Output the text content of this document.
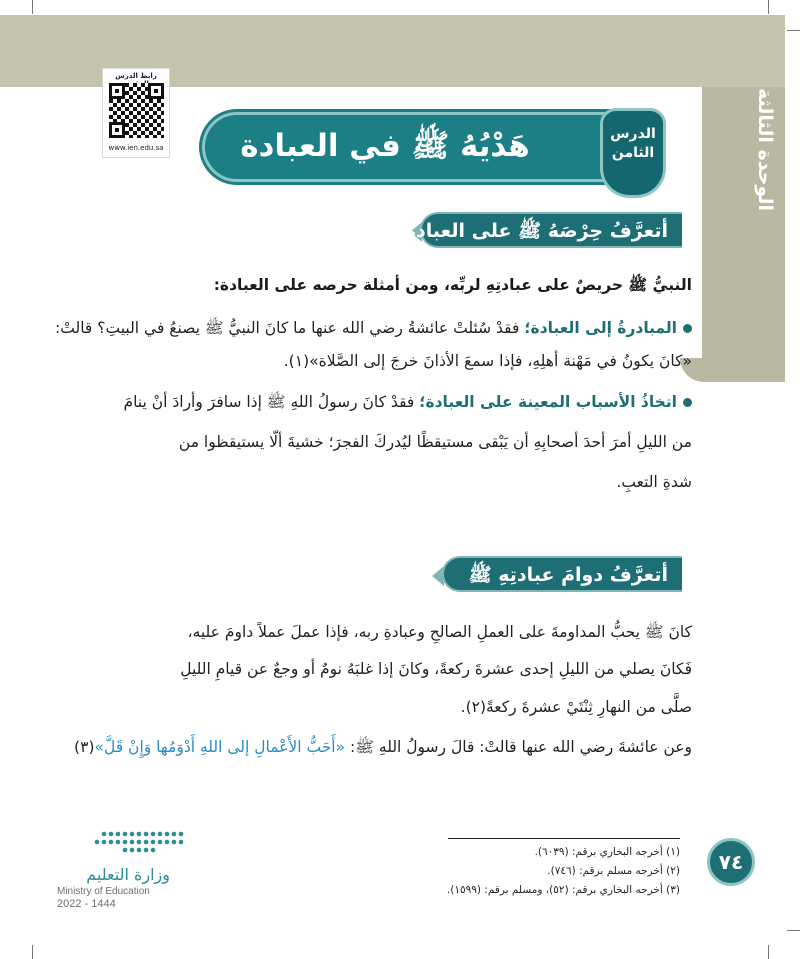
الوحدة الثالثة
رابط الدرس
www.ien.edu.sa هَدْيُهُ ﷺ في العبادة	الدرس
الثامن
أتعرَّفُ حِرْصَهُ ﷺ على العبادةِ
النبيُّ ﷺ حريصٌ على عبادتِهِ لربِّه، ومن أمثلة حرصه على العبادة:
المبادرةُ إلى العبادة؛ فقدْ سُئلتْ عائشةُ رضي الله عنها ما كانَ النبيُّ ﷺ يصنعُ في البيتِ؟ قالتْ:
«كانَ يكونُ في مَهْنة أهلِهِ، فإذا سمعَ الأذانَ خرجَ إلى الصَّلاة»(١).
اتخاذُ الأسباب المعينة على العبادة؛ فقدْ كانَ رسولُ اللهِ ﷺ إذا سافرَ وأرادَ أنْ ينامَ
من الليلِ أمرَ أحدَ أصحابِهِ أن يَبْقى مستيقظًا ليُدركَ الفجرَ؛ خشيةَ ألّا يستيقظوا من
شدةِ التعبِ.
أتعرَّفُ دوامَ عبادتِهِ ﷺ
كانَ ﷺ يحبُّ المداومةَ على العملِ الصالحِ وعبادةِ ربه، فإذا عملَ عملاً داومَ عليه،
فَكانَ يصلي من الليلِ إحدى عشرةَ ركعةً، وكانَ إذا غلبَهُ نومٌ أو وجعٌ عن قيامِ الليلِ
صلَّى من النهارِ ثِنْتَيْ عشرةَ ركعةً(٢).
وعن عائشةَ رضي الله عنها قالتْ: قالَ رسولُ اللهِ ﷺ: «أَحَبُّ الأَعْمالِ إلى اللهِ أَدْوَمُها وَإِنْ قَلَّ»(٣)
(١) أخرجه البخاري برقم: (٦٠٣٩).
(٢) أخرجه مسلم برقم: (٧٤٦).
(٣) أخرجه البخاري برقم: (٥٢)، ومسلم برقم: (١٥٩٩).
٧٤
وزارة التعليم
Ministry of Education
2022 - 1444
